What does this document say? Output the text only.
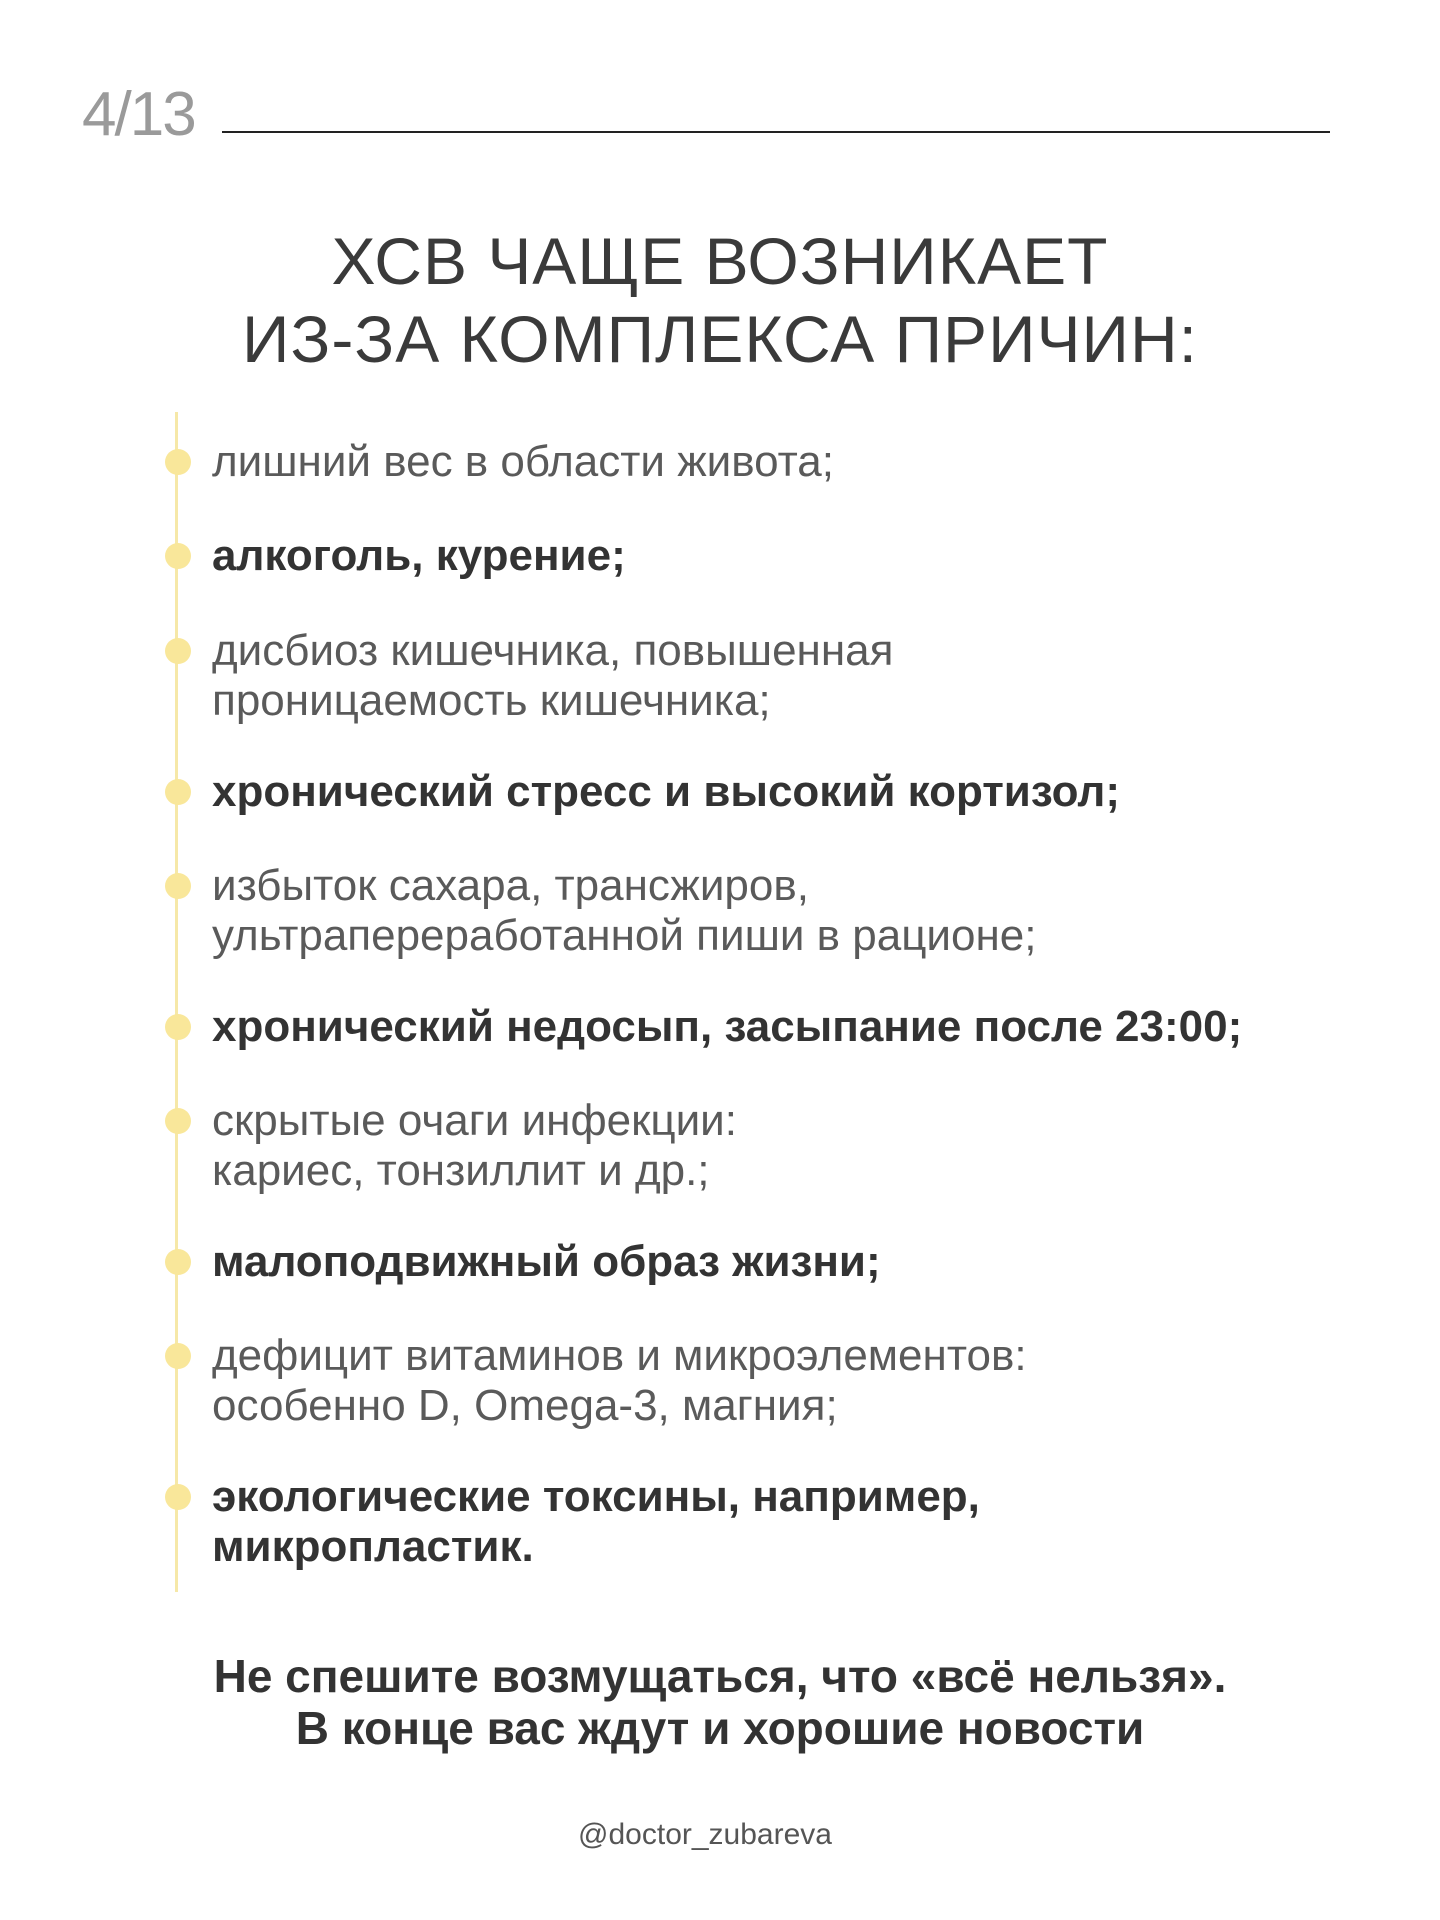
4/13
ХСВ ЧАЩЕ ВОЗНИКАЕТ
ИЗ-ЗА КОМПЛЕКСА ПРИЧИН:
лишний вес в области живота;
алкоголь, курение;
дисбиоз кишечника, повышенная
проницаемость кишечника;
хронический стресс и высокий кортизол;
избыток сахара, трансжиров,
ультрапереработанной пиши в рационе;
хронический недосып, засыпание после 23:00;
скрытые очаги инфекции:
кариес, тонзиллит и др.;
малоподвижный образ жизни;
дефицит витаминов и микроэлементов:
особенно D, Omega-3, магния;
экологические токсины, например,
микропластик.
Не спешите возмущаться, что «всё нельзя».
В конце вас ждут и хорошие новости
@doctor_zubareva
